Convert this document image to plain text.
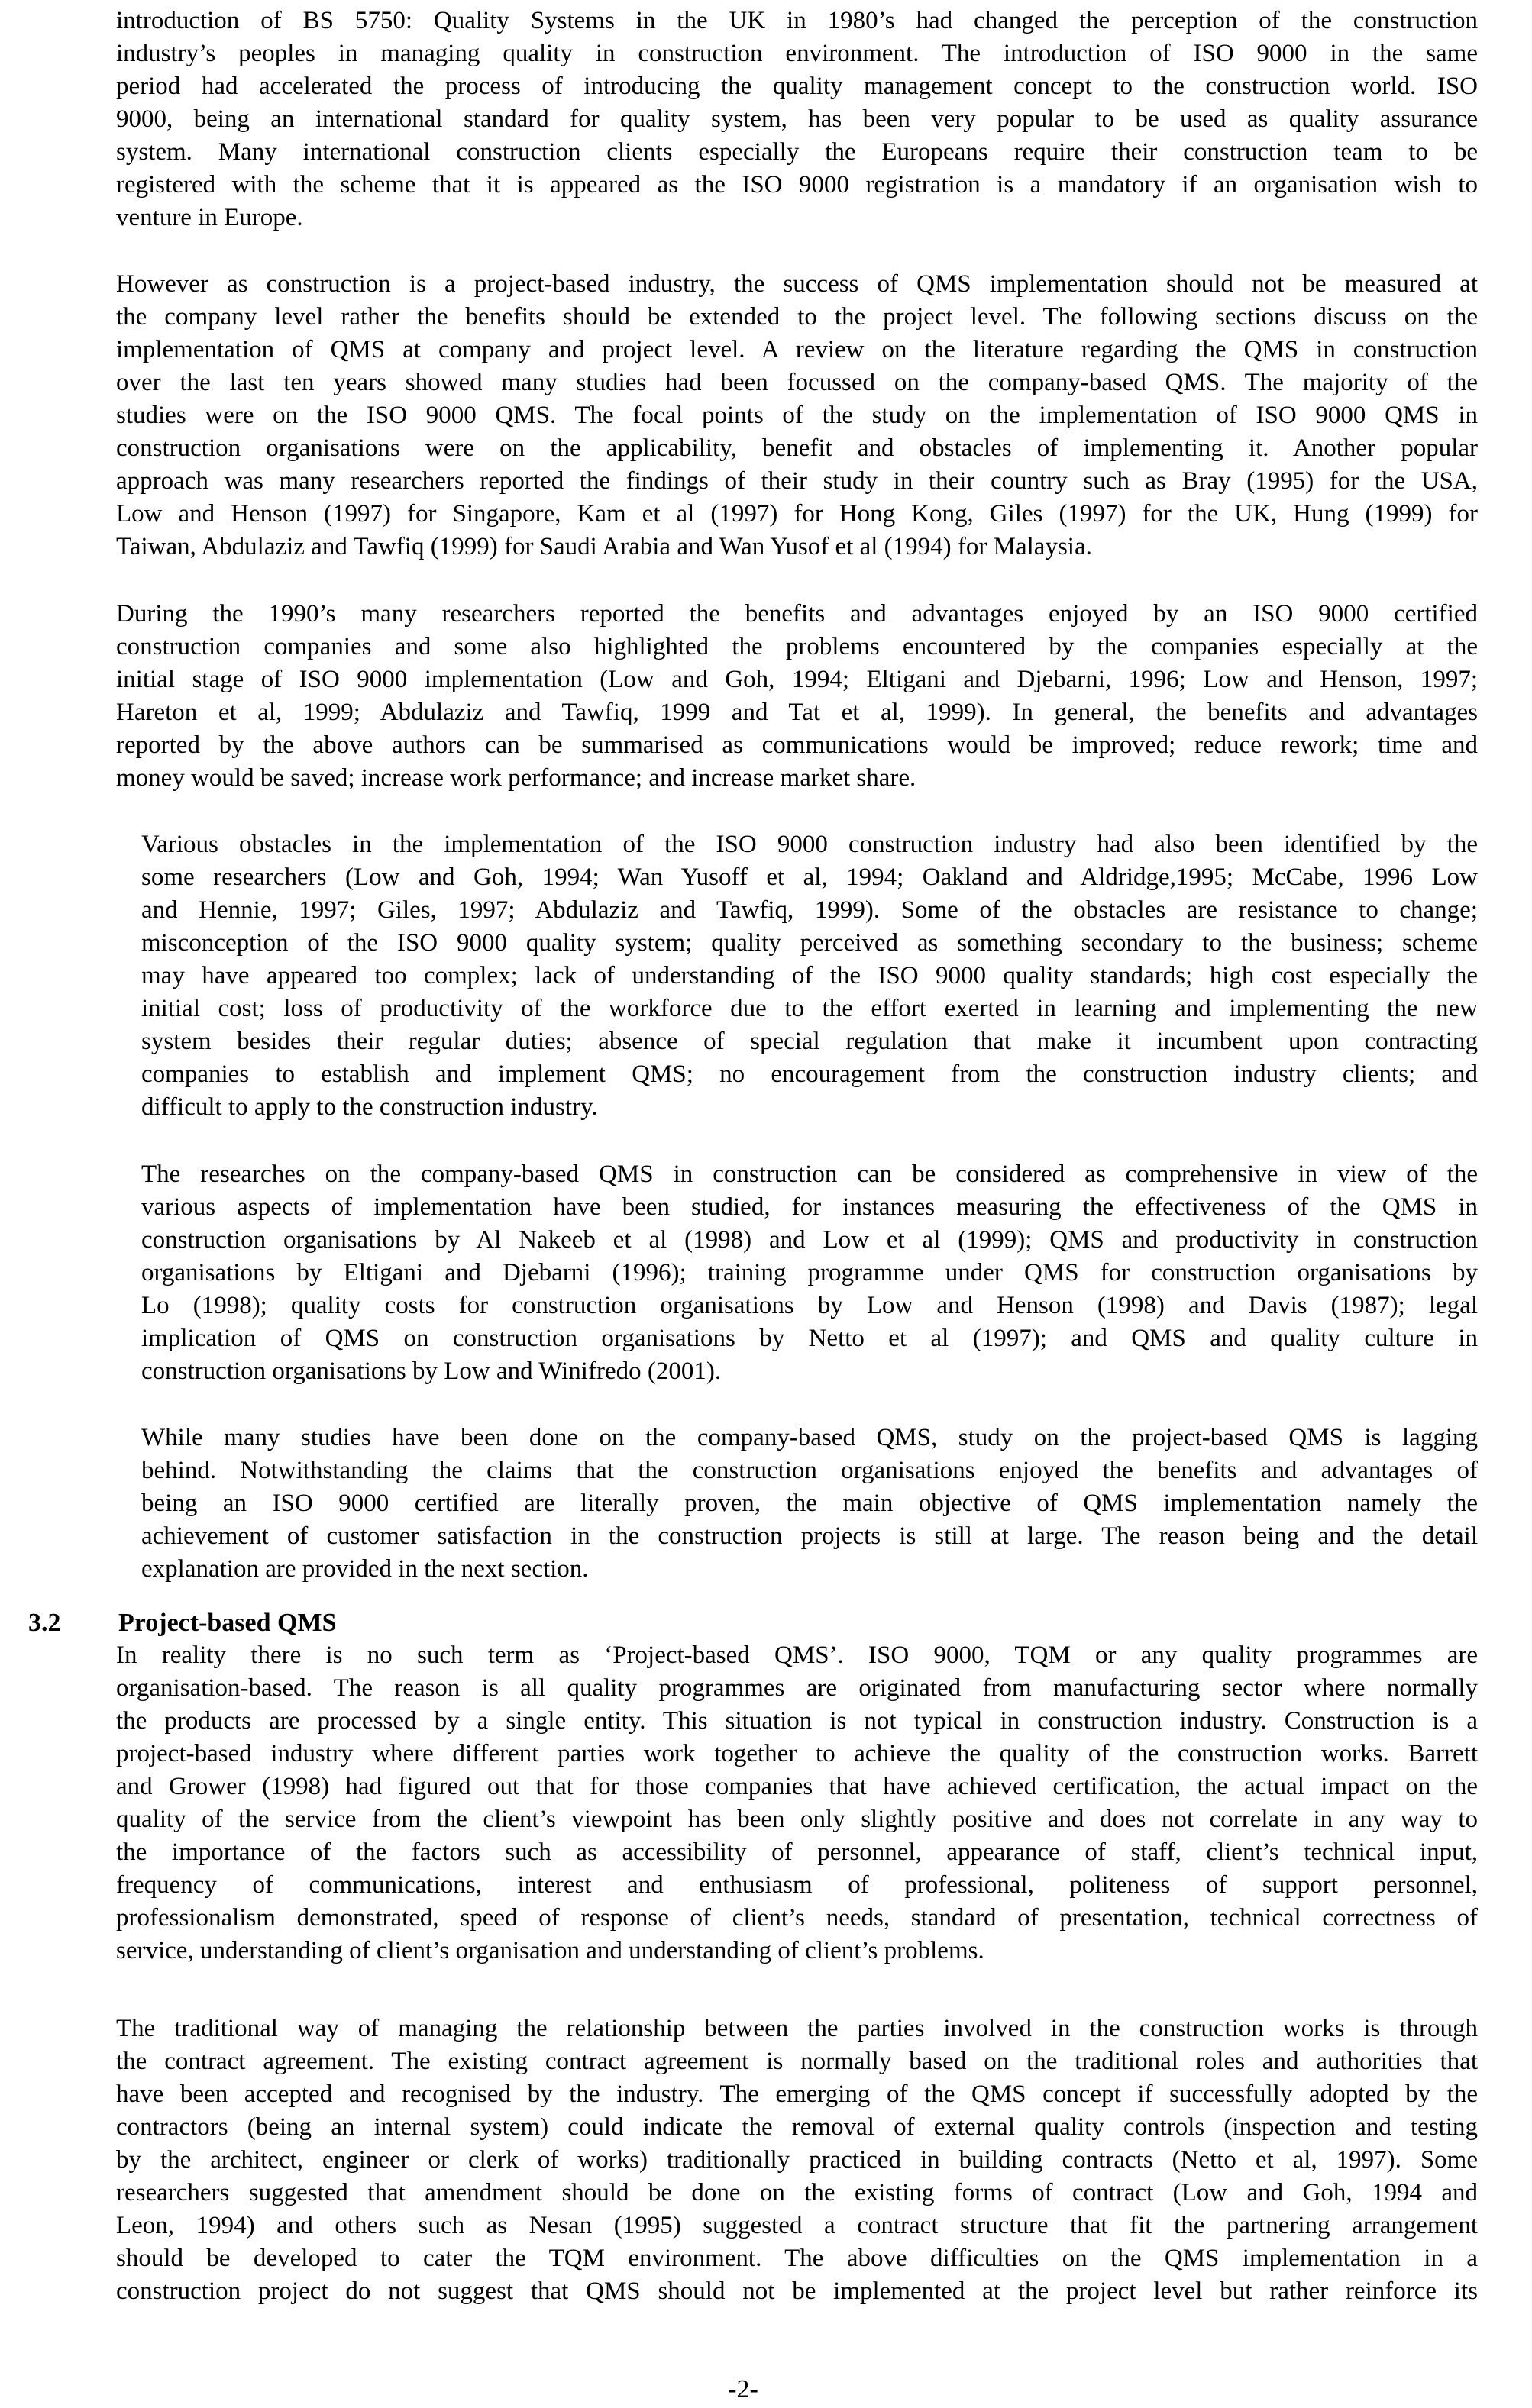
introduction of BS 5750: Quality Systems in the UK in 1980’s had changed the perception of the construction
industry’s peoples in managing quality in construction environment. The introduction of ISO 9000 in the same
period had accelerated the process of introducing the quality management concept to the construction world. ISO
9000, being an international standard for quality system, has been very popular to be used as quality assurance
system. Many international construction clients especially the Europeans require their construction team to be
registered with the scheme that it is appeared as the ISO 9000 registration is a mandatory if an organisation wish to
venture in Europe.
However as construction is a project-based industry, the success of QMS implementation should not be measured at
the company level rather the benefits should be extended to the project level. The following sections discuss on the
implementation of QMS at company and project level. A review on the literature regarding the QMS in construction
over the last ten years showed many studies had been focussed on the company-based QMS. The majority of the
studies were on the ISO 9000 QMS. The focal points of the study on the implementation of ISO 9000 QMS in
construction organisations were on the applicability, benefit and obstacles of implementing it. Another popular
approach was many researchers reported the findings of their study in their country such as Bray (1995) for the USA,
Low and Henson (1997) for Singapore, Kam et al (1997) for Hong Kong, Giles (1997) for the UK, Hung (1999) for
Taiwan, Abdulaziz and Tawfiq (1999) for Saudi Arabia and Wan Yusof et al (1994) for Malaysia.
During the 1990’s many researchers reported the benefits and advantages enjoyed by an ISO 9000 certified
construction companies and some also highlighted the problems encountered by the companies especially at the
initial stage of ISO 9000 implementation (Low and Goh, 1994; Eltigani and Djebarni, 1996; Low and Henson, 1997;
Hareton et al, 1999; Abdulaziz and Tawfiq, 1999 and Tat et al, 1999). In general, the benefits and advantages
reported by the above authors can be summarised as communications would be improved; reduce rework; time and
money would be saved; increase work performance; and increase market share.
Various obstacles in the implementation of the ISO 9000 construction industry had also been identified by the
some researchers (Low and Goh, 1994; Wan Yusoff et al, 1994; Oakland and Aldridge,1995; McCabe, 1996 Low
and Hennie, 1997; Giles, 1997; Abdulaziz and Tawfiq, 1999). Some of the obstacles are resistance to change;
misconception of the ISO 9000 quality system; quality perceived as something secondary to the business; scheme
may have appeared too complex; lack of understanding of the ISO 9000 quality standards; high cost especially the
initial cost; loss of productivity of the workforce due to the effort exerted in learning and implementing the new
system besides their regular duties; absence of special regulation that make it incumbent upon contracting
companies to establish and implement QMS; no encouragement from the construction industry clients; and
difficult to apply to the construction industry.
The researches on the company-based QMS in construction can be considered as comprehensive in view of the
various aspects of implementation have been studied, for instances measuring the effectiveness of the QMS in
construction organisations by Al Nakeeb et al (1998) and Low et al (1999); QMS and productivity in construction
organisations by Eltigani and Djebarni (1996); training programme under QMS for construction organisations by
Lo (1998); quality costs for construction organisations by Low and Henson (1998) and Davis (1987); legal
implication of QMS on construction organisations by Netto et al (1997); and QMS and quality culture in
construction organisations by Low and Winifredo (2001).
While many studies have been done on the company-based QMS, study on the project-based QMS is lagging
behind. Notwithstanding the claims that the construction organisations enjoyed the benefits and advantages of
being an ISO 9000 certified are literally proven, the main objective of QMS implementation namely the
achievement of customer satisfaction in the construction projects is still at large. The reason being and the detail
explanation are provided in the next section.
3.2 Project-based QMS
In reality there is no such term as ‘Project-based QMS’. ISO 9000, TQM or any quality programmes are
organisation-based. The reason is all quality programmes are originated from manufacturing sector where normally
the products are processed by a single entity. This situation is not typical in construction industry. Construction is a
project-based industry where different parties work together to achieve the quality of the construction works. Barrett
and Grower (1998) had figured out that for those companies that have achieved certification, the actual impact on the
quality of the service from the client’s viewpoint has been only slightly positive and does not correlate in any way to
the importance of the factors such as accessibility of personnel, appearance of staff, client’s technical input,
frequency of communications, interest and enthusiasm of professional, politeness of support personnel,
professionalism demonstrated, speed of response of client’s needs, standard of presentation, technical correctness of
service, understanding of client’s organisation and understanding of client’s problems.
The traditional way of managing the relationship between the parties involved in the construction works is through
the contract agreement. The existing contract agreement is normally based on the traditional roles and authorities that
have been accepted and recognised by the industry. The emerging of the QMS concept if successfully adopted by the
contractors (being an internal system) could indicate the removal of external quality controls (inspection and testing
by the architect, engineer or clerk of works) traditionally practiced in building contracts (Netto et al, 1997). Some
researchers suggested that amendment should be done on the existing forms of contract (Low and Goh, 1994 and
Leon, 1994) and others such as Nesan (1995) suggested a contract structure that fit the partnering arrangement
should be developed to cater the TQM environment. The above difficulties on the QMS implementation in a
construction project do not suggest that QMS should not be implemented at the project level but rather reinforce its
-2-
